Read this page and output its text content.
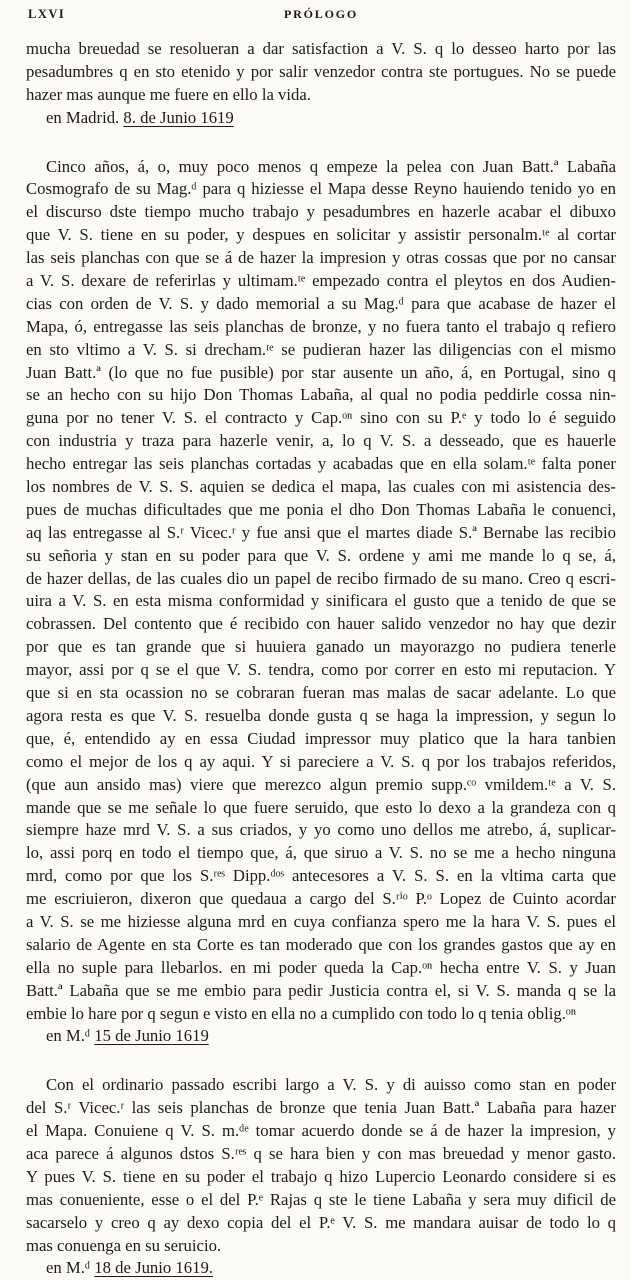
LXVI	PRÓLOGO
mucha breuedad se resolueran a dar satisfaction a V. S. q lo desseo harto por las
pesadumbres q en sto etenido y por salir venzedor contra ste portugues. No se puede
hazer mas aunque me fuere en ello la vida.
en Madrid. 8. de Junio 1619
Cinco años, á, o, muy poco menos q empeze la pelea con Juan Batt.ª Labaña
Cosmografo de su Mag.ᵈ para q hiziesse el Mapa desse Reyno hauiendo tenido yo en
el discurso dste tiempo mucho trabajo y pesadumbres en hazerle acabar el dibuxo
que V. S. tiene en su poder, y despues en solicitar y assistir personalm.ᵗᵉ al cortar
las seis planchas con que se á de hazer la impresion y otras cossas que por no cansar
a V. S. dexare de referirlas y ultimam.ᵗᵉ empezado contra el pleytos en dos Audien-
cias con orden de V. S. y dado memorial a su Mag.ᵈ para que acabase de hazer el
Mapa, ó, entregasse las seis planchas de bronze, y no fuera tanto el trabajo q refiero
en sto vltimo a V. S. si drecham.ᵗᵉ se pudieran hazer las diligencias con el mismo
Juan Batt.ª (lo que no fue pusible) por star ausente un año, á, en Portugal, sino q
se an hecho con su hijo Don Thomas Labaña, al qual no podia peddirle cossa nin-
guna por no tener V. S. el contracto y Cap.ᵒⁿ sino con su P.ᵉ y todo lo é seguido
con industria y traza para hazerle venir, a, lo q V. S. a desseado, que es hauerle
hecho entregar las seis planchas cortadas y acabadas que en ella solam.ᵗᵉ falta poner
los nombres de V. S. S. aquien se dedica el mapa, las cuales con mi asistencia des-
pues de muchas dificultades que me ponia el dho Don Thomas Labaña le conuenci,
aq las entregasse al S.ʳ Vicec.ʳ y fue ansi que el martes diade S.ª Bernabe las recibio
su señoria y stan en su poder para que V. S. ordene y ami me mande lo q se, á,
de hazer dellas, de las cuales dio un papel de recibo firmado de su mano. Creo q escri-
uira a V. S. en esta misma conformidad y sinificara el gusto que a tenido de que se
cobrassen. Del contento que é recibido con hauer salido venzedor no hay que dezir
por que es tan grande que si huuiera ganado un mayorazgo no pudiera tenerle
mayor, assi por q se el que V. S. tendra, como por correr en esto mi reputacion. Y
que si en sta ocassion no se cobraran fueran mas malas de sacar adelante. Lo que
agora resta es que V. S. resuelba donde gusta q se haga la impression, y segun lo
que, é, entendido ay en essa Ciudad impressor muy platico que la hara tanbien
como el mejor de los q ay aqui. Y si pareciere a V. S. q por los trabajos referidos,
(que aun ansido mas) viere que merezco algun premio supp.ᶜᵒ vmildem.ᵗᵉ a V. S.
mande que se me señale lo que fuere seruido, que esto lo dexo a la grandeza con q
siempre haze mrd V. S. a sus criados, y yo como uno dellos me atrebo, á, suplicar-
lo, assi porq en todo el tiempo que, á, que siruo a V. S. no se me a hecho ninguna
mrd, como por que los S.ʳᵉˢ Dipp.ᵈᵒˢ antecesores a V. S. S. en la vltima carta que
me escriuieron, dixeron que quedaua a cargo del S.ʳⁱᵒ P.ᵒ Lopez de Cuinto acordar
a V. S. se me hiziesse alguna mrd en cuya confianza spero me la hara V. S. pues el
salario de Agente en sta Corte es tan moderado que con los grandes gastos que ay en
ella no suple para llebarlos. en mi poder queda la Cap.ᵒⁿ hecha entre V. S. y Juan
Batt.ª Labaña que se me embio para pedir Justicia contra el, si V. S. manda q se la
embie lo hare por q segun e visto en ella no a cumplido con todo lo q tenia oblig.ᵒⁿ
en M.ᵈ 15 de Junio 1619
Con el ordinario passado escribi largo a V. S. y di auisso como stan en poder
del S.ʳ Vicec.ʳ las seis planchas de bronze que tenia Juan Batt.ª Labaña para hazer
el Mapa. Conuiene q V. S. m.ᵈᵉ tomar acuerdo donde se á de hazer la impresion, y
aca parece á algunos dstos S.ʳᵉˢ q se hara bien y con mas breuedad y menor gasto.
Y pues V. S. tiene en su poder el trabajo q hizo Lupercio Leonardo considere si es
mas conueniente, esse o el del P.ᵉ Rajas q ste le tiene Labaña y sera muy dificil de
sacarselo y creo q ay dexo copia del el P.ᵉ V. S. me mandara auisar de todo lo q
mas conuenga en su seruicio.
en M.ᵈ 18 de Junio 1619.
